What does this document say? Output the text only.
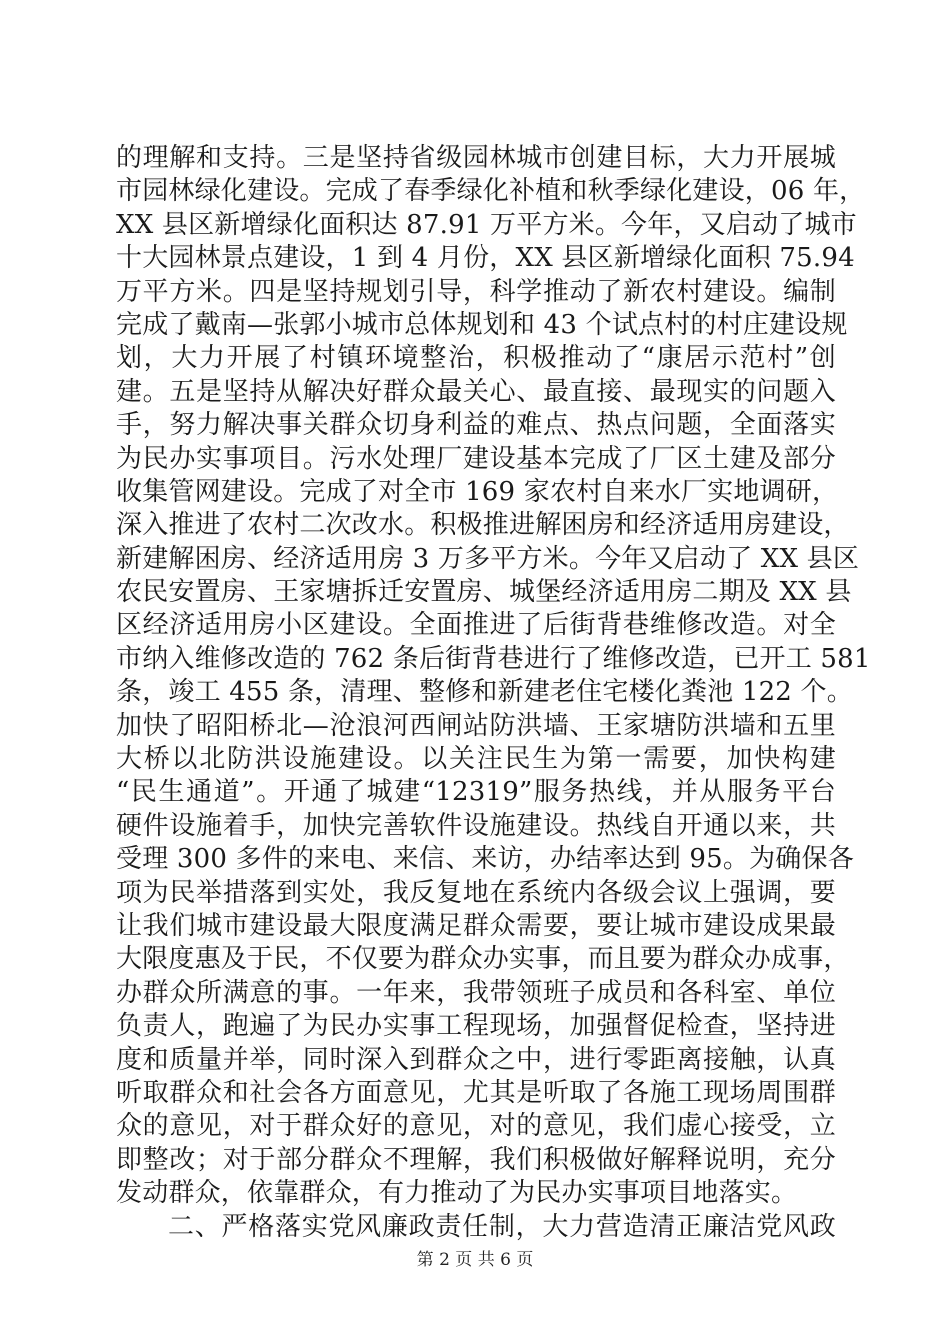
的理解和支持。三是坚持省级园林城市创建目标，大力开展城
市园林绿化建设。完成了春季绿化补植和秋季绿化建设，06 年，
XX 县区新增绿化面积达 87.91 万平方米。今年，又启动了城市
十大园林景点建设，1 到 4 月份，XX 县区新增绿化面积 75.94
万平方米。四是坚持规划引导，科学推动了新农村建设。编制
完成了戴南—张郭小城市总体规划和 43 个试点村的村庄建设规
划，大力开展了村镇环境整治，积极推动了“康居示范村”创
建。五是坚持从解决好群众最关心、最直接、最现实的问题入
手，努力解决事关群众切身利益的难点、热点问题，全面落实
为民办实事项目。污水处理厂建设基本完成了厂区土建及部分
收集管网建设。完成了对全市 169 家农村自来水厂实地调研，
深入推进了农村二次改水。积极推进解困房和经济适用房建设，
新建解困房、经济适用房 3 万多平方米。今年又启动了 XX 县区
农民安置房、王家塘拆迁安置房、城堡经济适用房二期及 XX 县
区经济适用房小区建设。全面推进了后街背巷维修改造。对全
市纳入维修改造的 762 条后街背巷进行了维修改造，已开工 581
条，竣工 455 条，清理、整修和新建老住宅楼化粪池 122 个。
加快了昭阳桥北—沧浪河西闸站防洪墙、王家塘防洪墙和五里
大桥以北防洪设施建设。以关注民生为第一需要，加快构建
“民生通道”。开通了城建“12319”服务热线，并从服务平台
硬件设施着手，加快完善软件设施建设。热线自开通以来，共
受理 300 多件的来电、来信、来访，办结率达到 95。为确保各
项为民举措落到实处，我反复地在系统内各级会议上强调，要
让我们城市建设最大限度满足群众需要，要让城市建设成果最
大限度惠及于民，不仅要为群众办实事，而且要为群众办成事，
办群众所满意的事。一年来，我带领班子成员和各科室、单位
负责人，跑遍了为民办实事工程现场，加强督促检查，坚持进
度和质量并举，同时深入到群众之中，进行零距离接触，认真
听取群众和社会各方面意见，尤其是听取了各施工现场周围群
众的意见，对于群众好的意见，对的意见，我们虚心接受，立
即整改；对于部分群众不理解，我们积极做好解释说明，充分
发动群众，依靠群众，有力推动了为民办实事项目地落实。
二、严格落实党风廉政责任制，大力营造清正廉洁党风政
第 2 页 共 6 页
